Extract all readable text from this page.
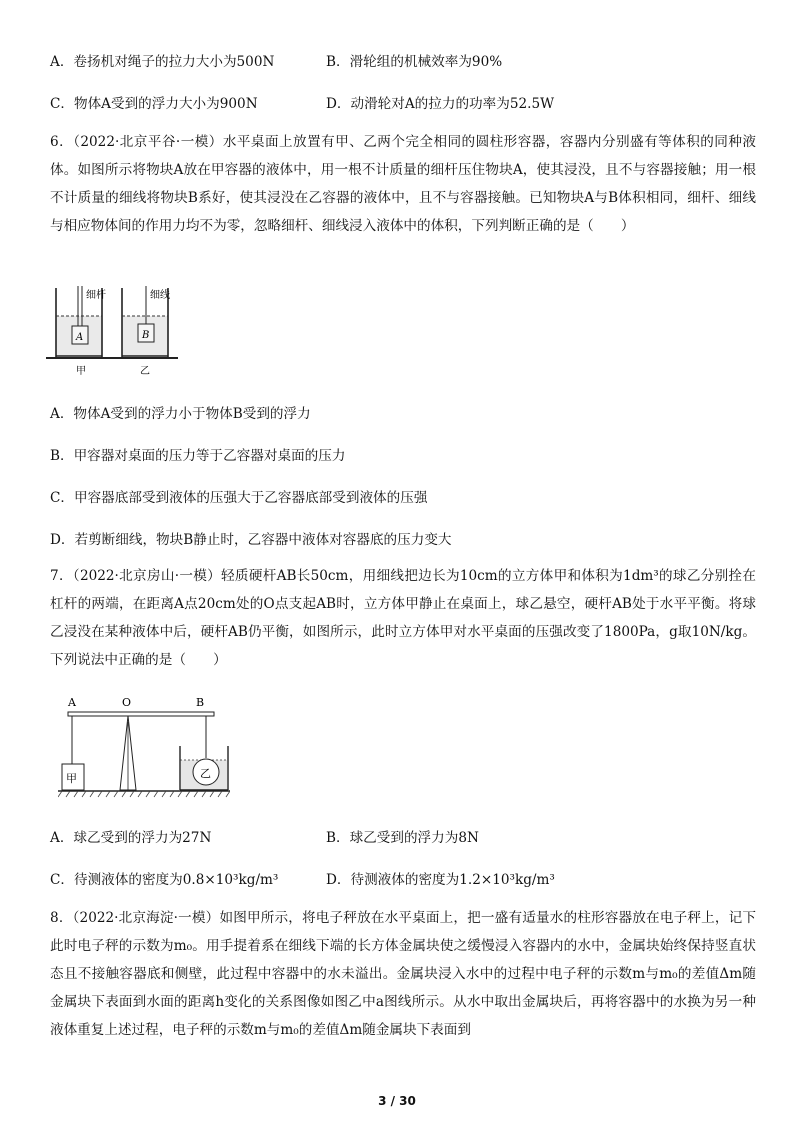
A．卷扬机对绳子的拉力大小为500N	B．滑轮组的机械效率为90%
C．物体A受到的浮力大小为900N	D．动滑轮对A的拉力的功率为52.5W
6．（2022·北京平谷·一模）水平桌面上放置有甲、乙两个完全相同的圆柱形容器，容器内分别盛有等体积的同种液体。如图所示将物块A放在甲容器的液体中，用一根不计质量的细杆压住物块A，使其浸没，且不与容器接触；用一根不计质量的细线将物块B系好，使其浸没在乙容器的液体中，且不与容器接触。已知物块A与B体积相同，细杆、细线与相应物体间的作用力均不为零，忽略细杆、细线浸入液体中的体积，下列判断正确的是（　　）
细杆	细线
A	B
甲	乙
A．物体A受到的浮力小于物体B受到的浮力
B．甲容器对桌面的压力等于乙容器对桌面的压力
C．甲容器底部受到液体的压强大于乙容器底部受到液体的压强
D．若剪断细线，物块B静止时，乙容器中液体对容器底的压力变大
7．（2022·北京房山·一模）轻质硬杆AB长50cm，用细线把边长为10cm的立方体甲和体积为1dm³的球乙分别拴在杠杆的两端，在距离A点20cm处的O点支起AB时，立方体甲静止在桌面上，球乙悬空，硬杆AB处于水平平衡。将球乙浸没在某种液体中后，硬杆AB仍平衡，如图所示，此时立方体甲对水平桌面的压强改变了1800Pa，g取10N/kg。下列说法中正确的是（　　）
A	O	B
甲	乙
A．球乙受到的浮力为27N	B．球乙受到的浮力为8N
C．待测液体的密度为0.8×10³kg/m³	D．待测液体的密度为1.2×10³kg/m³
8．（2022·北京海淀·一模）如图甲所示，将电子秤放在水平桌面上，把一盛有适量水的柱形容器放在电子秤上，记下此时电子秤的示数为m₀。用手提着系在细线下端的长方体金属块使之缓慢浸入容器内的水中，金属块始终保持竖直状态且不接触容器底和侧壁，此过程中容器中的水未溢出。金属块浸入水中的过程中电子秤的示数m与m₀的差值Δm随金属块下表面到水面的距离h变化的关系图像如图乙中a图线所示。从水中取出金属块后，再将容器中的水换为另一种液体重复上述过程，电子秤的示数m与m₀的差值Δm随金属块下表面到
3 / 30
